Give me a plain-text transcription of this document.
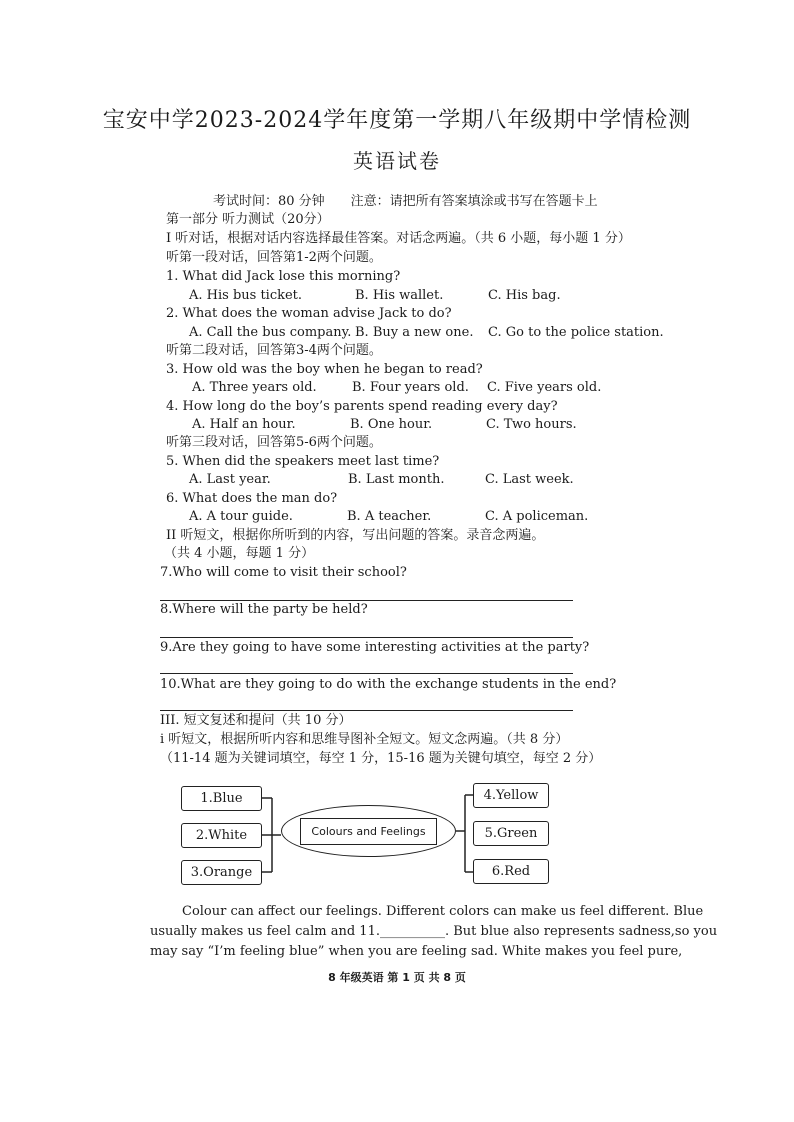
宝安中学2023-2024学年度第一学期八年级期中学情检测
英语试卷
考试时间：80 分钟　　注意：请把所有答案填涂或书写在答题卡上
第一部分 听力测试（20分）
I 听对话，根据对话内容选择最佳答案。对话念两遍。（共 6 小题，每小题 1 分）
听第一段对话，回答第1-2两个问题。
1. What did Jack lose this morning?
A. His bus ticket.	B. His wallet.	C. His bag.
2. What does the woman advise Jack to do?
A. Call the bus company. B. Buy a new one. C. Go to the police station.
听第二段对话，回答第3-4两个问题。
3. How old was the boy when he began to read?
A. Three years old.	B. Four years old. C. Five years old.
4. How long do the boy’s parents spend reading every day?
A. Half an hour.	B. One hour.	C. Two hours.
听第三段对话，回答第5-6两个问题。
5. When did the speakers meet last time?
A. Last year.	B. Last month.	C. Last week.
6. What does the man do?
A. A tour guide.	B. A teacher.	C. A policeman.
II 听短文，根据你所听到的内容，写出问题的答案。录音念两遍。
（共 4 小题，每题 1 分）
7.Who will come to visit their school?
8.Where will the party be held?
9.Are they going to have some interesting activities at the party?
10.What are they going to do with the exchange students in the end?
III. 短文复述和提问（共 10 分）
i 听短文，根据所听内容和思维导图补全短文。短文念两遍。（共 8 分）
（11-14 题为关键词填空，每空 1 分，15-16 题为关键句填空，每空 2 分）
1.Blue
2.White
3.Orange
Colours and Feelings
4.Yellow
5.Green
6.Red
Colour can affect our feelings. Different colors can make us feel different. Blue
usually makes us feel calm and 11.__________. But blue also represents sadness,so you
may say “I’m feeling blue” when you are feeling sad. White makes you feel pure,
8 年级英语 第 1 页 共 8 页
